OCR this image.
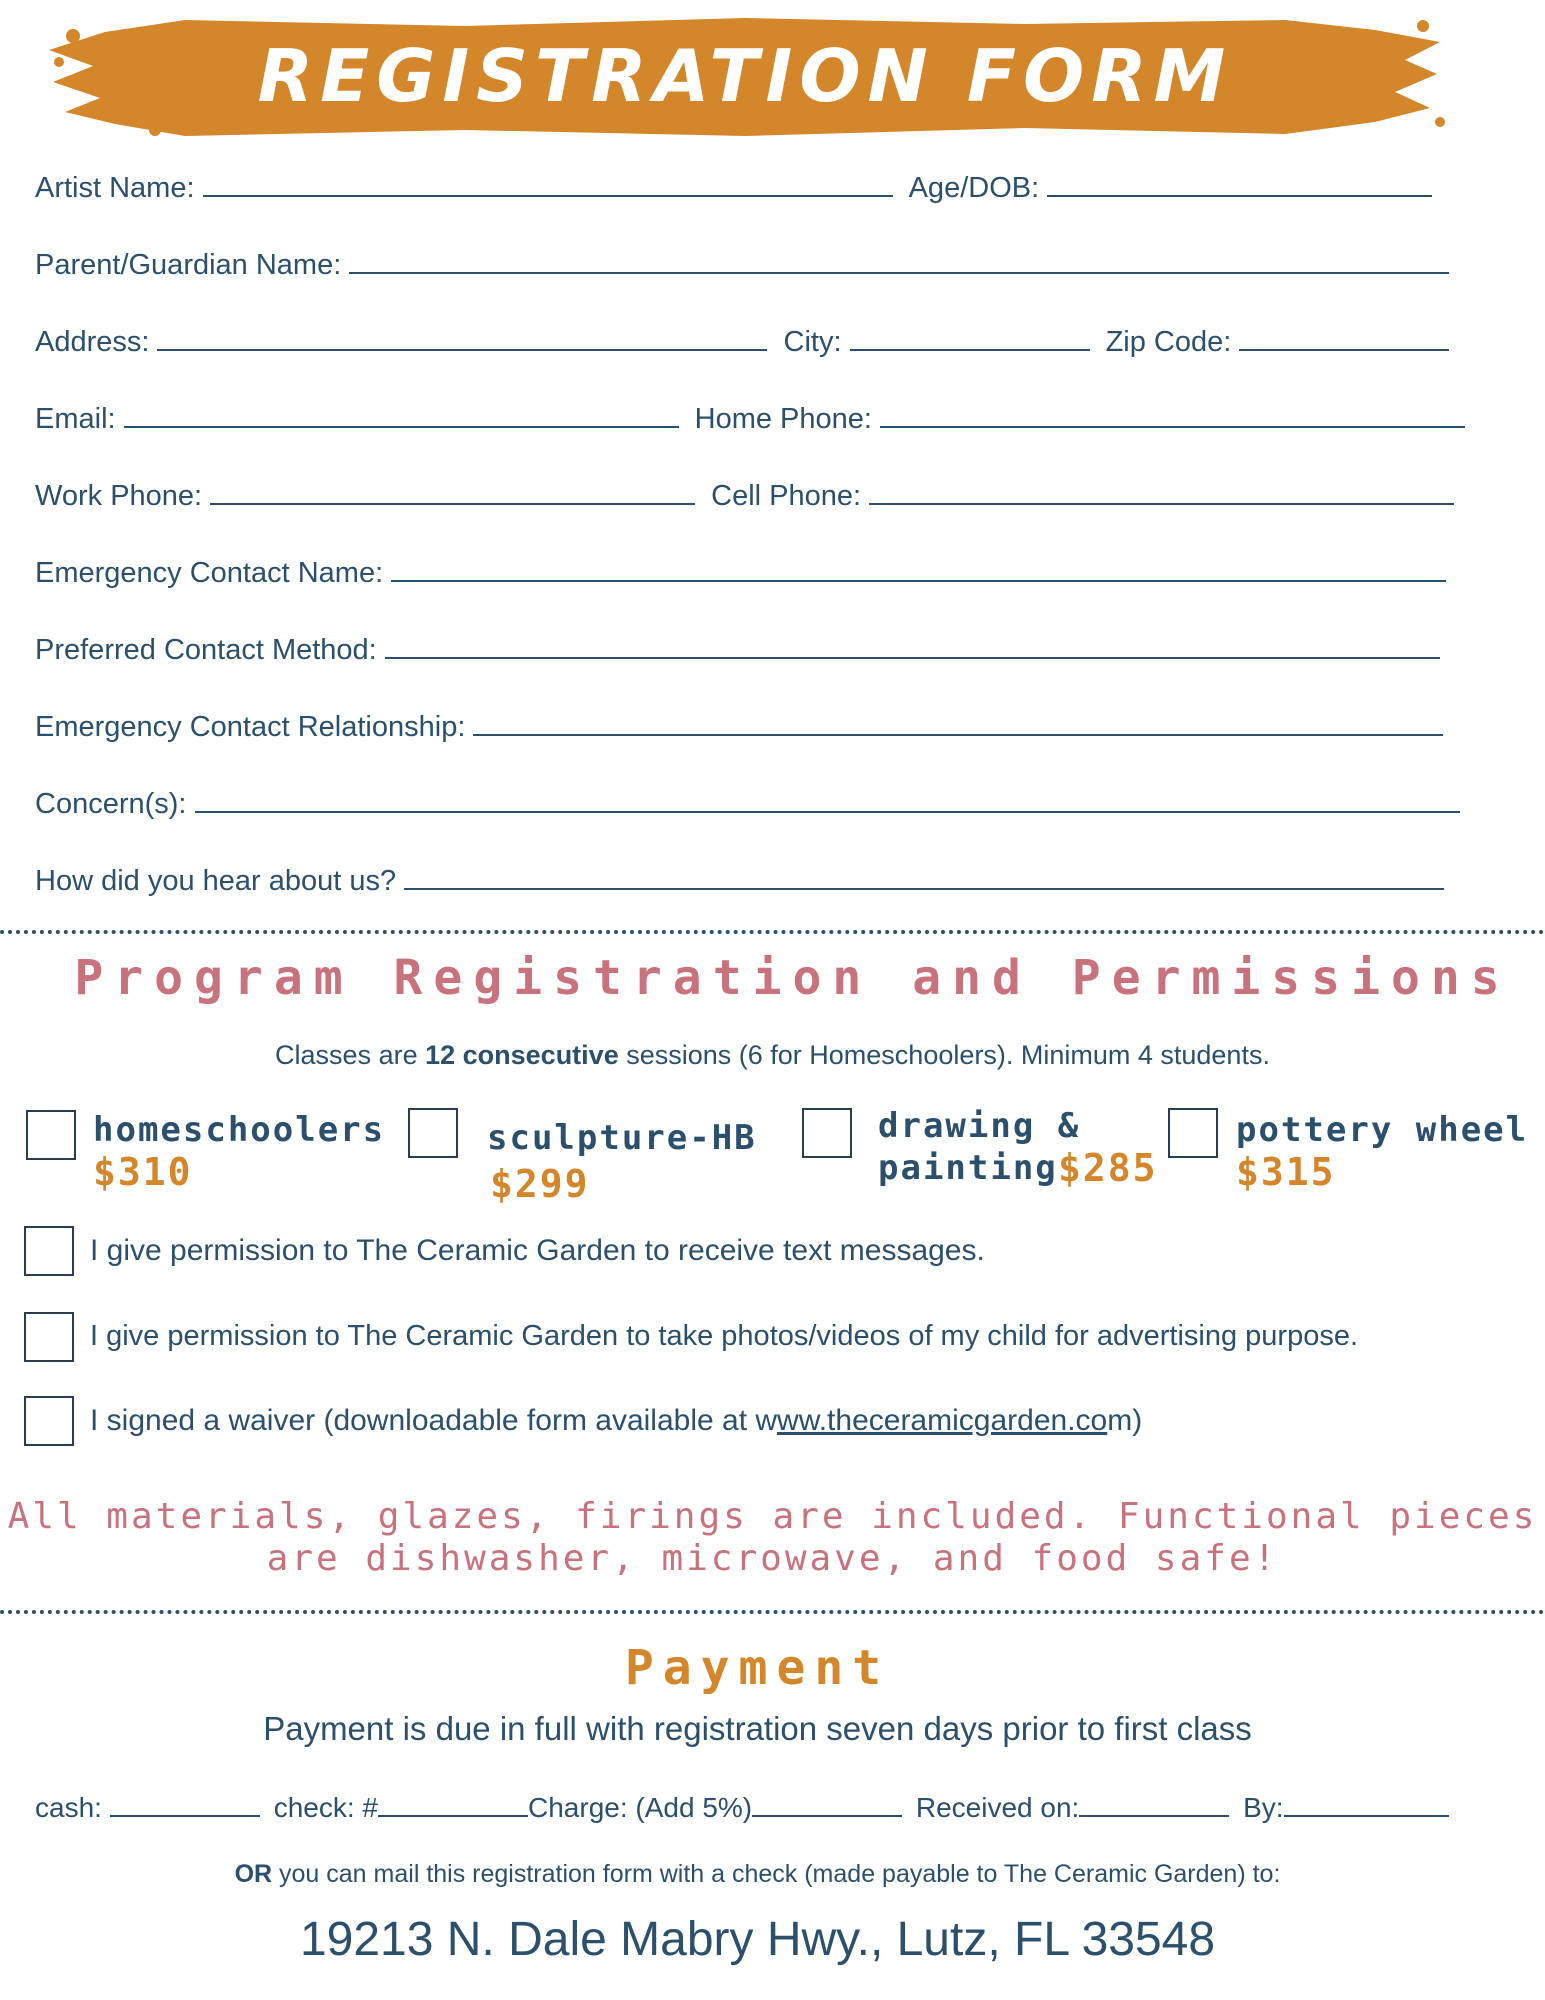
REGISTRATION FORM
Artist Name:	Age/DOB:
Parent/Guardian Name:
Address:	City:	Zip Code:
Email:	Home Phone:
Work Phone:	Cell Phone:
Emergency Contact Name:
Preferred Contact Method:
Emergency Contact Relationship:
Concern(s):
How did you hear about us?
Program Registration and Permissions
Classes are 12 consecutive sessions (6 for Homeschoolers). Minimum 4 students.
homeschoolers
$310
sculpture-HB
$299
drawing &
painting $285
pottery wheel
$315
I give permission to The Ceramic Garden to receive text messages.
I give permission to The Ceramic Garden to take photos/videos of my child for advertising purpose.
I signed a waiver (downloadable form available at www.theceramicgarden.com)
All materials, glazes, firings are included. Functional pieces
are dishwasher, microwave, and food safe!
Payment
Payment is due in full with registration seven days prior to first class
cash:	check: #	Charge: (Add 5%)	Received on:	By:
OR you can mail this registration form with a check (made payable to The Ceramic Garden) to:
19213 N. Dale Mabry Hwy., Lutz, FL 33548
